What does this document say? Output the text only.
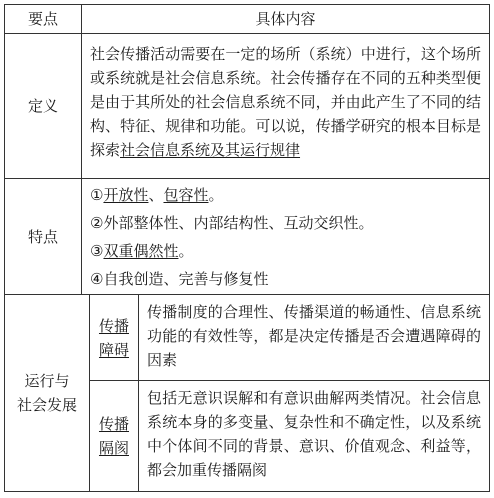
要点	具体内容
定义
社会传播活动需要在一定的场所（系统）中进行，这个场所或系统就是社会信息系统。社会传播存在不同的五种类型便是由于其所处的社会信息系统不同，并由此产生了不同的结构、特征、规律和功能。可以说，传播学研究的根本目标是探索社会信息系统及其运行规律
特点
①开放性、包容性。
②外部整体性、内部结构性、互动交织性。
③双重偶然性。
④自我创造、完善与修复性
运行与
社会发展
传播
障碍
传播制度的合理性、传播渠道的畅通性、信息系统功能的有效性等，都是决定传播是否会遭遇障碍的因素
传播
隔阂
包括无意识误解和有意识曲解两类情况。社会信息系统本身的多变量、复杂性和不确定性，以及系统中个体间不同的背景、意识、价值观念、利益等，都会加重传播隔阂
